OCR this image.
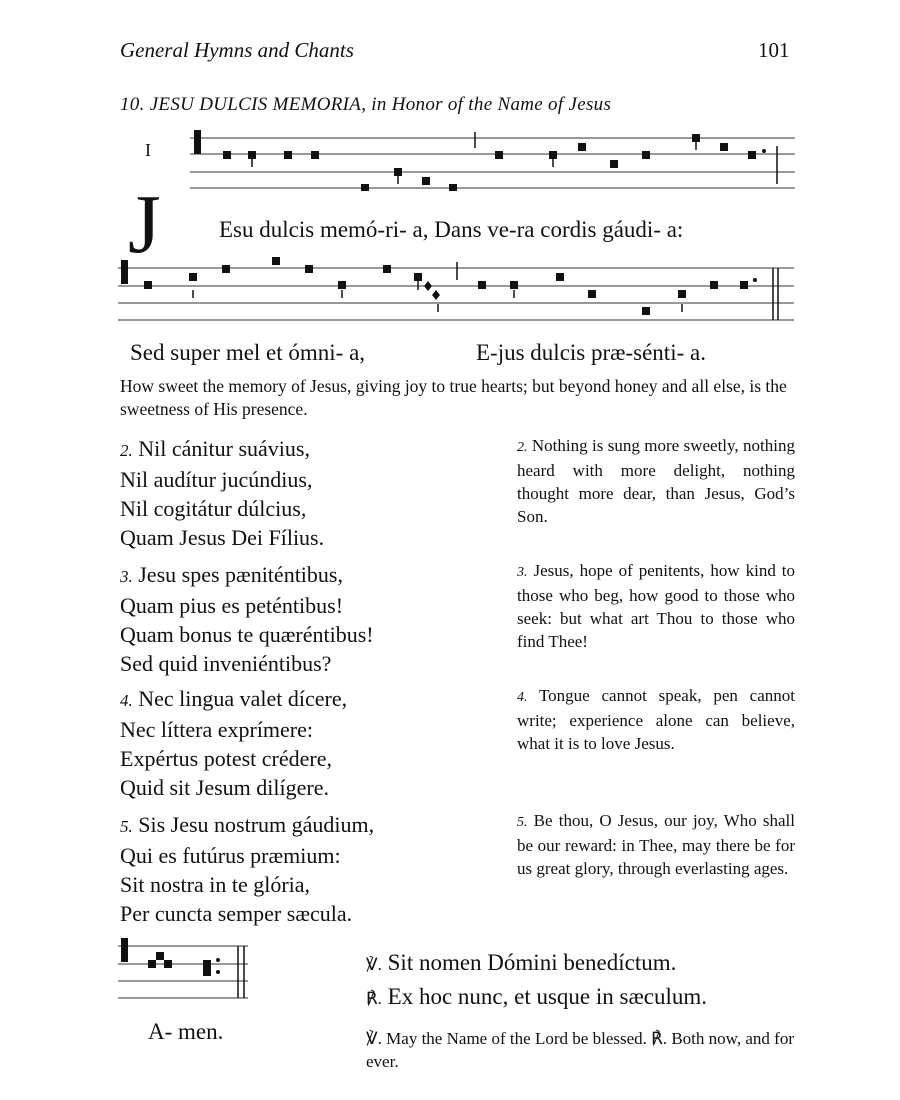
General Hymns and Chants	101
10. JESU DULCIS MEMORIA, in Honor of the Name of Jesus
I
J	Esu dulcis memó-ri- a, Dans ve-ra cordis gáudi- a:
Sed super mel et ómni- a,	E-jus dulcis præ-sénti- a.
How sweet the memory of Jesus, giving joy to true hearts; but beyond honey and all else, is the sweetness of His presence.
2. Nil cánitur suávius,
Nil audítur jucúndius,
Nil cogitátur dúlcius,
Quam Jesus Dei Fílius.
2. Nothing is sung more sweetly, nothing heard with more delight, nothing thought more dear, than Jesus, God’s Son.
3. Jesu spes pæniténtibus,
Quam pius es peténtibus!
Quam bonus te quæréntibus!
Sed quid inveniéntibus?
3. Jesus, hope of penitents, how kind to those who beg, how good to those who seek: but what art Thou to those who find Thee!
4. Nec lingua valet dícere,
Nec líttera exprímere:
Expértus potest crédere,
Quid sit Jesum dilígere.
4. Tongue cannot speak, pen cannot write; experience alone can believe, what it is to love Jesus.
5. Sis Jesu nostrum gáudium,
Qui es futúrus præmium:
Sit nostra in te glória,
Per cuncta semper sæcula.
5. Be thou, O Jesus, our joy, Who shall be our reward: in Thee, may there be for us great glory, through everlasting ages.
A- men.
℣. Sit nomen Dómini benedíctum.
℟. Ex hoc nunc, et usque in sæculum.
℣. May the Name of the Lord be blessed. ℟. Both now, and for ever.
